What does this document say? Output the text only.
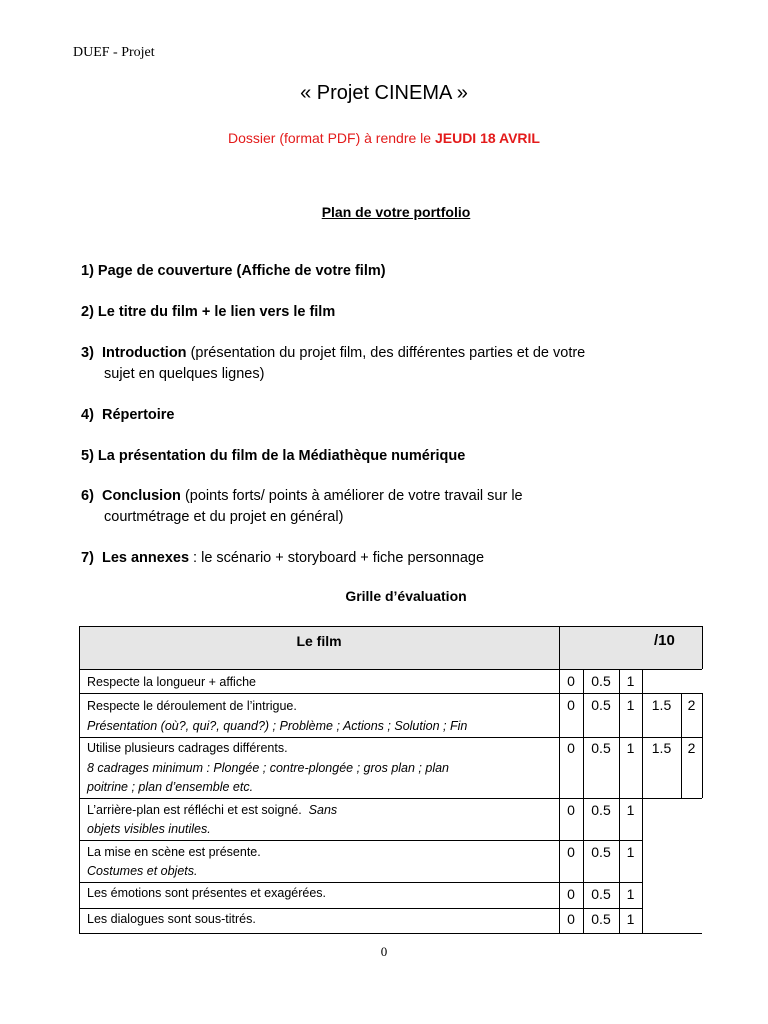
DUEF - Projet
« Projet CINEMA »
Dossier (format PDF) à rendre le JEUDI 18 AVRIL
Plan de votre portfolio
1) Page de couverture (Affiche de votre film)
2) Le titre du film + le lien vers le film
3) Introduction (présentation du projet film, des différentes parties et de votre
sujet en quelques lignes)
4) Répertoire
5) La présentation du film de la Médiathèque numérique
6) Conclusion (points forts/ points à améliorer de votre travail sur le
courtmétrage et du projet en général)
7) Les annexes : le scénario + storyboard + fiche personnage
Grille d’évaluation
Le film	/10
Respecte la longueur + affiche	0	0.5	1
Respecte le déroulement de l’intrigue.
Présentation (où?, qui?, quand?) ; Problème ; Actions ; Solution ; Fin
0	0.5	1	1.5	2
Utilise plusieurs cadrages différents.
8 cadrages minimum : Plongée ; contre-plongée ; gros plan ; plan
poitrine ; plan d’ensemble etc.
0	0.5	1	1.5	2
L’arrière-plan est réfléchi et est soigné. Sans
objets visibles inutiles.
0	0.5	1
La mise en scène est présente.
Costumes et objets.
0	0.5	1
Les émotions sont présentes et exagérées.	0	0.5	1
Les dialogues sont sous-titrés.	0	0.5	1
0
